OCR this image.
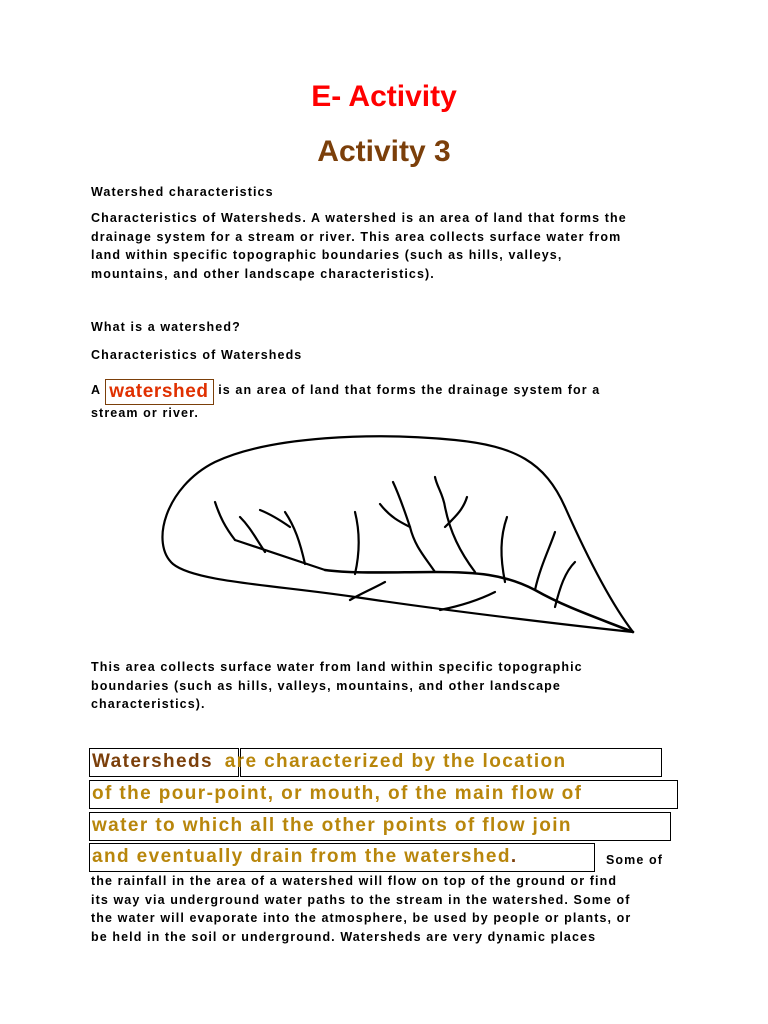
E- Activity
Activity 3
Watershed characteristics
Characteristics of Watersheds. A watershed is an area of land that forms the
drainage system for a stream or river. This area collects surface water from
land within specific topographic boundaries (such as hills, valleys,
mountains, and other landscape characteristics).
What is a watershed?
Characteristics of Watersheds
A watershed is an area of land that forms the drainage system for a
stream or river.
This area collects surface water from land within specific topographic
boundaries (such as hills, valleys, mountains, and other landscape
characteristics).
Watersheds are characterized by the location
of the pour-point, or mouth, of the main flow of
water to which all the other points of flow join
and eventually drain from the watershed.	Some of
the rainfall in the area of a watershed will flow on top of the ground or find
its way via underground water paths to the stream in the watershed. Some of
the water will evaporate into the atmosphere, be used by people or plants, or
be held in the soil or underground. Watersheds are very dynamic places
